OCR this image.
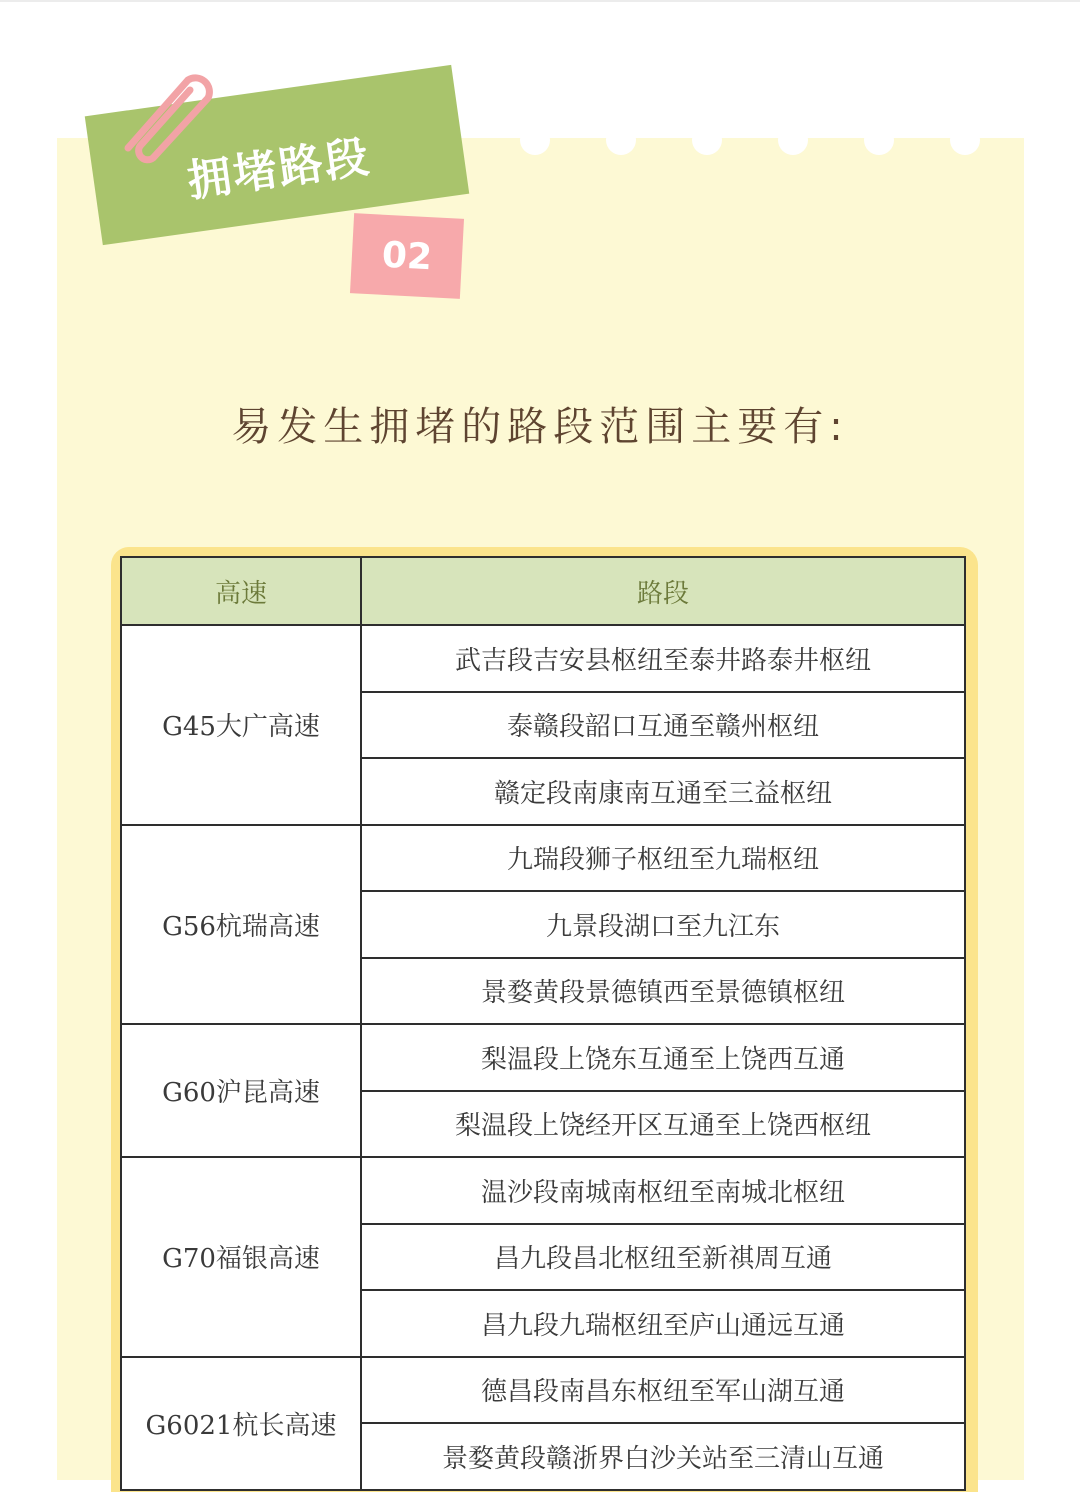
拥堵路段
02
易发生拥堵的路段范围主要有:
高速	路段
G45大广高速	武吉段吉安县枢纽至泰井路泰井枢纽
	泰赣段韶口互通至赣州枢纽
	赣定段南康南互通至三益枢纽
G56杭瑞高速	九瑞段狮子枢纽至九瑞枢纽
	九景段湖口至九江东
	景婺黄段景德镇西至景德镇枢纽
G60沪昆高速	梨温段上饶东互通至上饶西互通
	梨温段上饶经开区互通至上饶西枢纽
G70福银高速	温沙段南城南枢纽至南城北枢纽
	昌九段昌北枢纽至新祺周互通
	昌九段九瑞枢纽至庐山通远互通
G6021杭长高速	德昌段南昌东枢纽至军山湖互通
	景婺黄段赣浙界白沙关站至三清山互通
